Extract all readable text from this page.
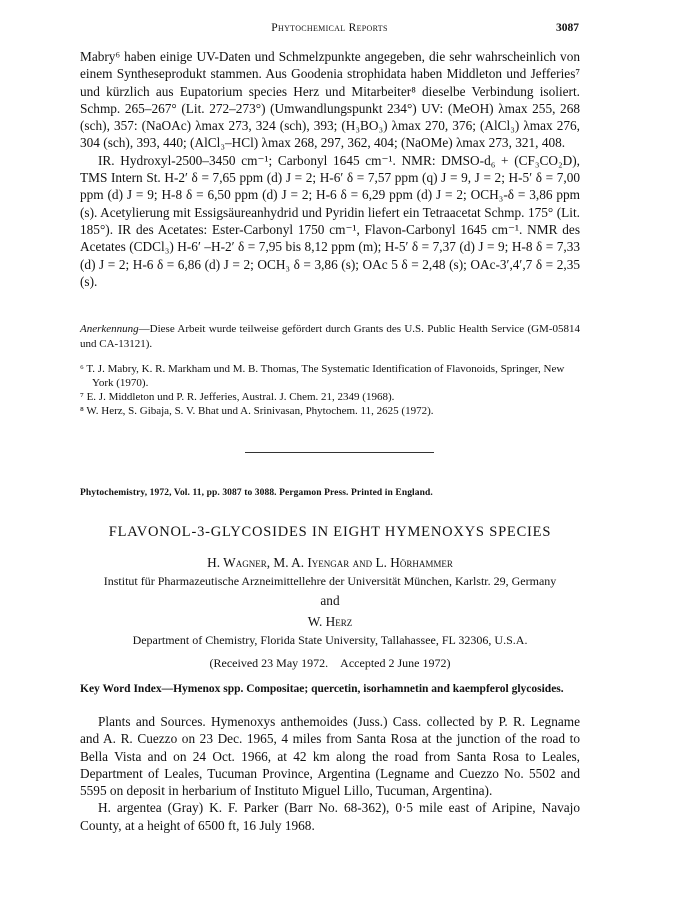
Phytochemical Reports	3087

Mabry⁶ haben einige UV-Daten und Schmelzpunkte angegeben, die sehr wahrscheinlich von einem Syntheseprodukt stammen. Aus Goodenia strophidata haben Middleton und Jefferies⁷ und kürzlich aus Eupatorium species Herz und Mitarbeiter⁸ dieselbe Verbindung isoliert. Schmp. 265–267° (Lit. 272–273°) (Umwandlungspunkt 234°) UV: (MeOH) λmax 255, 268 (sch), 357: (NaOAc) λmax 273, 324 (sch), 393; (H₃BO₃) λmax 270, 376; (AlCl₃) λmax 276, 304 (sch), 393, 440; (AlCl₃–HCl) λmax 268, 297, 362, 404; (NaOMe) λmax 273, 321, 408.

IR. Hydroxyl-2500–3450 cm⁻¹; Carbonyl 1645 cm⁻¹. NMR: DMSO-d₆ + (CF₃CO₂D), TMS Intern St. H-2′ δ = 7,65 ppm (d) J = 2; H-6′ δ = 7,57 ppm (q) J = 9, J = 2; H-5′ δ = 7,00 ppm (d) J = 9; H-8 δ = 6,50 ppm (d) J = 2; H-6 δ = 6,29 ppm (d) J = 2; OCH₃-δ = 3,86 ppm (s). Acetylierung mit Essigsäureanhydrid und Pyridin liefert ein Tetraacetat Schmp. 175° (Lit. 185°). IR des Acetates: Ester-Carbonyl 1750 cm⁻¹, Flavon-Carbonyl 1645 cm⁻¹. NMR des Acetates (CDCl₃) H-6′ –H-2′ δ = 7,95 bis 8,12 ppm (m); H-5′ δ = 7,37 (d) J = 9; H-8 δ = 7,33 (d) J = 2; H-6 δ = 6,86 (d) J = 2; OCH₃ δ = 3,86 (s); OAc 5 δ = 2,48 (s); OAc-3′,4′,7 δ = 2,35 (s).

Anerkennung—Diese Arbeit wurde teilweise gefördert durch Grants des U.S. Public Health Service (GM-05814 und CA-13121).
⁶ T. J. Mabry, K. R. Markham und M. B. Thomas, The Systematic Identification of Flavonoids, Springer, New York (1970).
⁷ E. J. Middleton und P. R. Jefferies, Austral. J. Chem. 21, 2349 (1968).
⁸ W. Herz, S. Gibaja, S. V. Bhat und A. Srinivasan, Phytochem. 11, 2625 (1972).
Phytochemistry, 1972, Vol. 11, pp. 3087 to 3088. Pergamon Press. Printed in England.
FLAVONOL-3-GLYCOSIDES IN EIGHT HYMENOXYS SPECIES
H. Wagner, M. A. Iyengar and L. Hörhammer
Institut für Pharmazeutische Arzneimittellehre der Universität München, Karlstr. 29, Germany
and
W. Herz
Department of Chemistry, Florida State University, Tallahassee, FL 32306, U.S.A.
(Received 23 May 1972. Accepted 2 June 1972)
Key Word Index—Hymenox spp. Compositae; quercetin, isorhamnetin and kaempferol glycosides.

Plants and Sources. Hymenoxys anthemoides (Juss.) Cass. collected by P. R. Legname and A. R. Cuezzo on 23 Dec. 1965, 4 miles from Santa Rosa at the junction of the road to Bella Vista and on 24 Oct. 1966, at 42 km along the road from Santa Rosa to Leales, Department of Leales, Tucuman Province, Argentina (Legname and Cuezzo No. 5502 and 5595 on deposit in herbarium of Instituto Miguel Lillo, Tucuman, Argentina).

H. argentea (Gray) K. F. Parker (Barr No. 68-362), 0·5 mile east of Aripine, Navajo County, at a height of 6500 ft, 16 July 1968.
